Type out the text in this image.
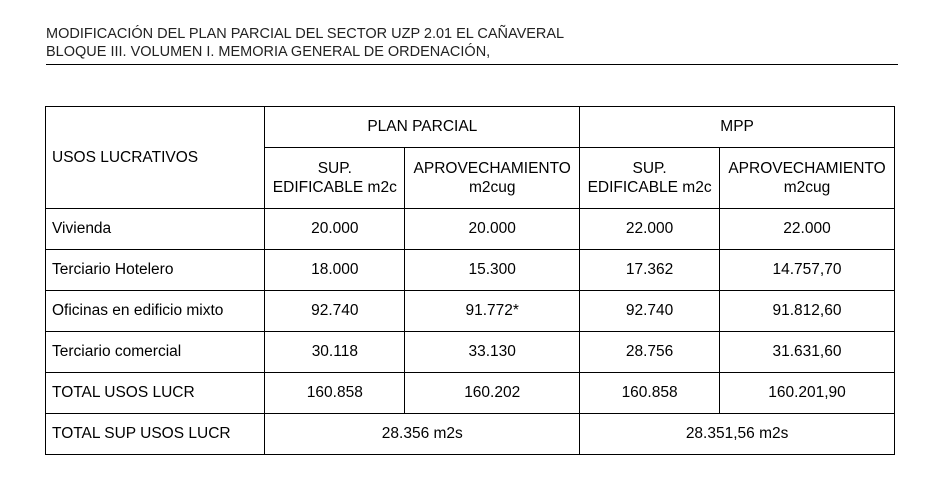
MODIFICACIÓN DEL PLAN PARCIAL DEL SECTOR UZP 2.01 EL CAÑAVERAL
BLOQUE III. VOLUMEN I. MEMORIA GENERAL DE ORDENACIÓN,
USOS LUCRATIVOS	PLAN PARCIAL		MPP	
	SUP. EDIFICABLE m2c	APROVECHAMIENTO m2cug	SUP. EDIFICABLE m2c	APROVECHAMIENTO m2cug
Vivienda	20.000	20.000	22.000	22.000
Terciario Hotelero	18.000	15.300	17.362	14.757,70
Oficinas en edificio mixto	92.740	91.772*	92.740	91.812,60
Terciario comercial	30.118	33.130	28.756	31.631,60
TOTAL USOS LUCR	160.858	160.202	160.858	160.201,90
TOTAL SUP USOS LUCR	28.356 m2s		28.351,56 m2s	
